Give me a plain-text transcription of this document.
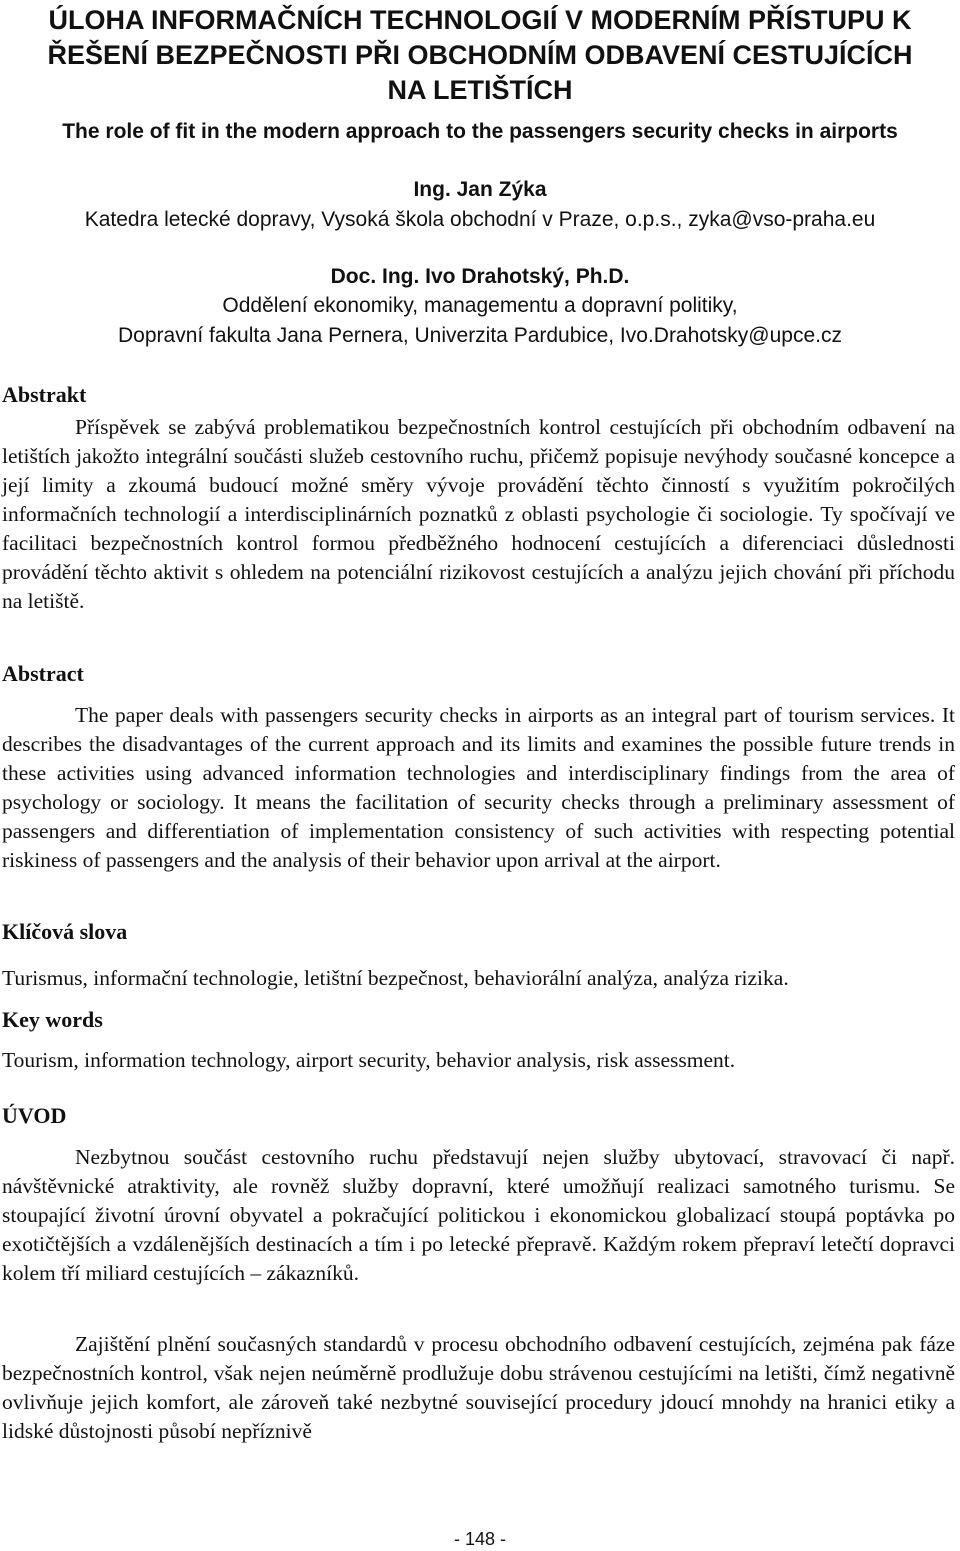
ÚLOHA INFORMAČNÍCH TECHNOLOGIÍ V MODERNÍM PŘÍSTUPU K
ŘEŠENÍ BEZPEČNOSTI PŘI OBCHODNÍM ODBAVENÍ CESTUJÍCÍCH
NA LETIŠTÍCH
The role of fit in the modern approach to the passengers security checks in airports
Ing. Jan Zýka
Katedra letecké dopravy, Vysoká škola obchodní v Praze, o.p.s., zyka@vso-praha.eu
Doc. Ing. Ivo Drahotský, Ph.D.
Oddělení ekonomiky, managementu a dopravní politiky,
Dopravní fakulta Jana Pernera, Univerzita Pardubice, Ivo.Drahotsky@upce.cz
Abstrakt

Příspěvek se zabývá problematikou bezpečnostních kontrol cestujících při obchodním odbavení na letištích jakožto integrální součásti služeb cestovního ruchu, přičemž popisuje nevýhody současné koncepce a její limity a zkoumá budoucí možné směry vývoje provádění těchto činností s využitím pokročilých informačních technologií a interdisciplinárních poznatků z oblasti psychologie či sociologie. Ty spočívají ve facilitaci bezpečnostních kontrol formou předběžného hodnocení cestujících a diferenciaci důslednosti provádění těchto aktivit s ohledem na potenciální rizikovost cestujících a analýzu jejich chování při příchodu na letiště.

Abstract

The paper deals with passengers security checks in airports as an integral part of tourism services. It describes the disadvantages of the current approach and its limits and examines the possible future trends in these activities using advanced information technologies and interdisciplinary findings from the area of psychology or sociology. It means the facilitation of security checks through a preliminary assessment of passengers and differentiation of implementation consistency of such activities with respecting potential riskiness of passengers and the analysis of their behavior upon arrival at the airport.

Klíčová slova

Turismus, informační technologie, letištní bezpečnost, behaviorální analýza, analýza rizika.

Key words

Tourism, information technology, airport security, behavior analysis, risk assessment.

ÚVOD

Nezbytnou součást cestovního ruchu představují nejen služby ubytovací, stravovací či např. návštěvnické atraktivity, ale rovněž služby dopravní, které umožňují realizaci samotného turismu. Se stoupající životní úrovní obyvatel a pokračující politickou i ekonomickou globalizací stoupá poptávka po exotičtějších a vzdálenějších destinacích a tím i po letecké přepravě. Každým rokem přepraví letečtí dopravci kolem tří miliard cestujících – zákazníků.

Zajištění plnění současných standardů v procesu obchodního odbavení cestujících, zejména pak fáze bezpečnostních kontrol, však nejen neúměrně prodlužuje dobu strávenou cestujícími na letišti, čímž negativně ovlivňuje jejich komfort, ale zároveň také nezbytné související procedury jdoucí mnohdy na hranici etiky a lidské důstojnosti působí nepříznivě

- 148 -
